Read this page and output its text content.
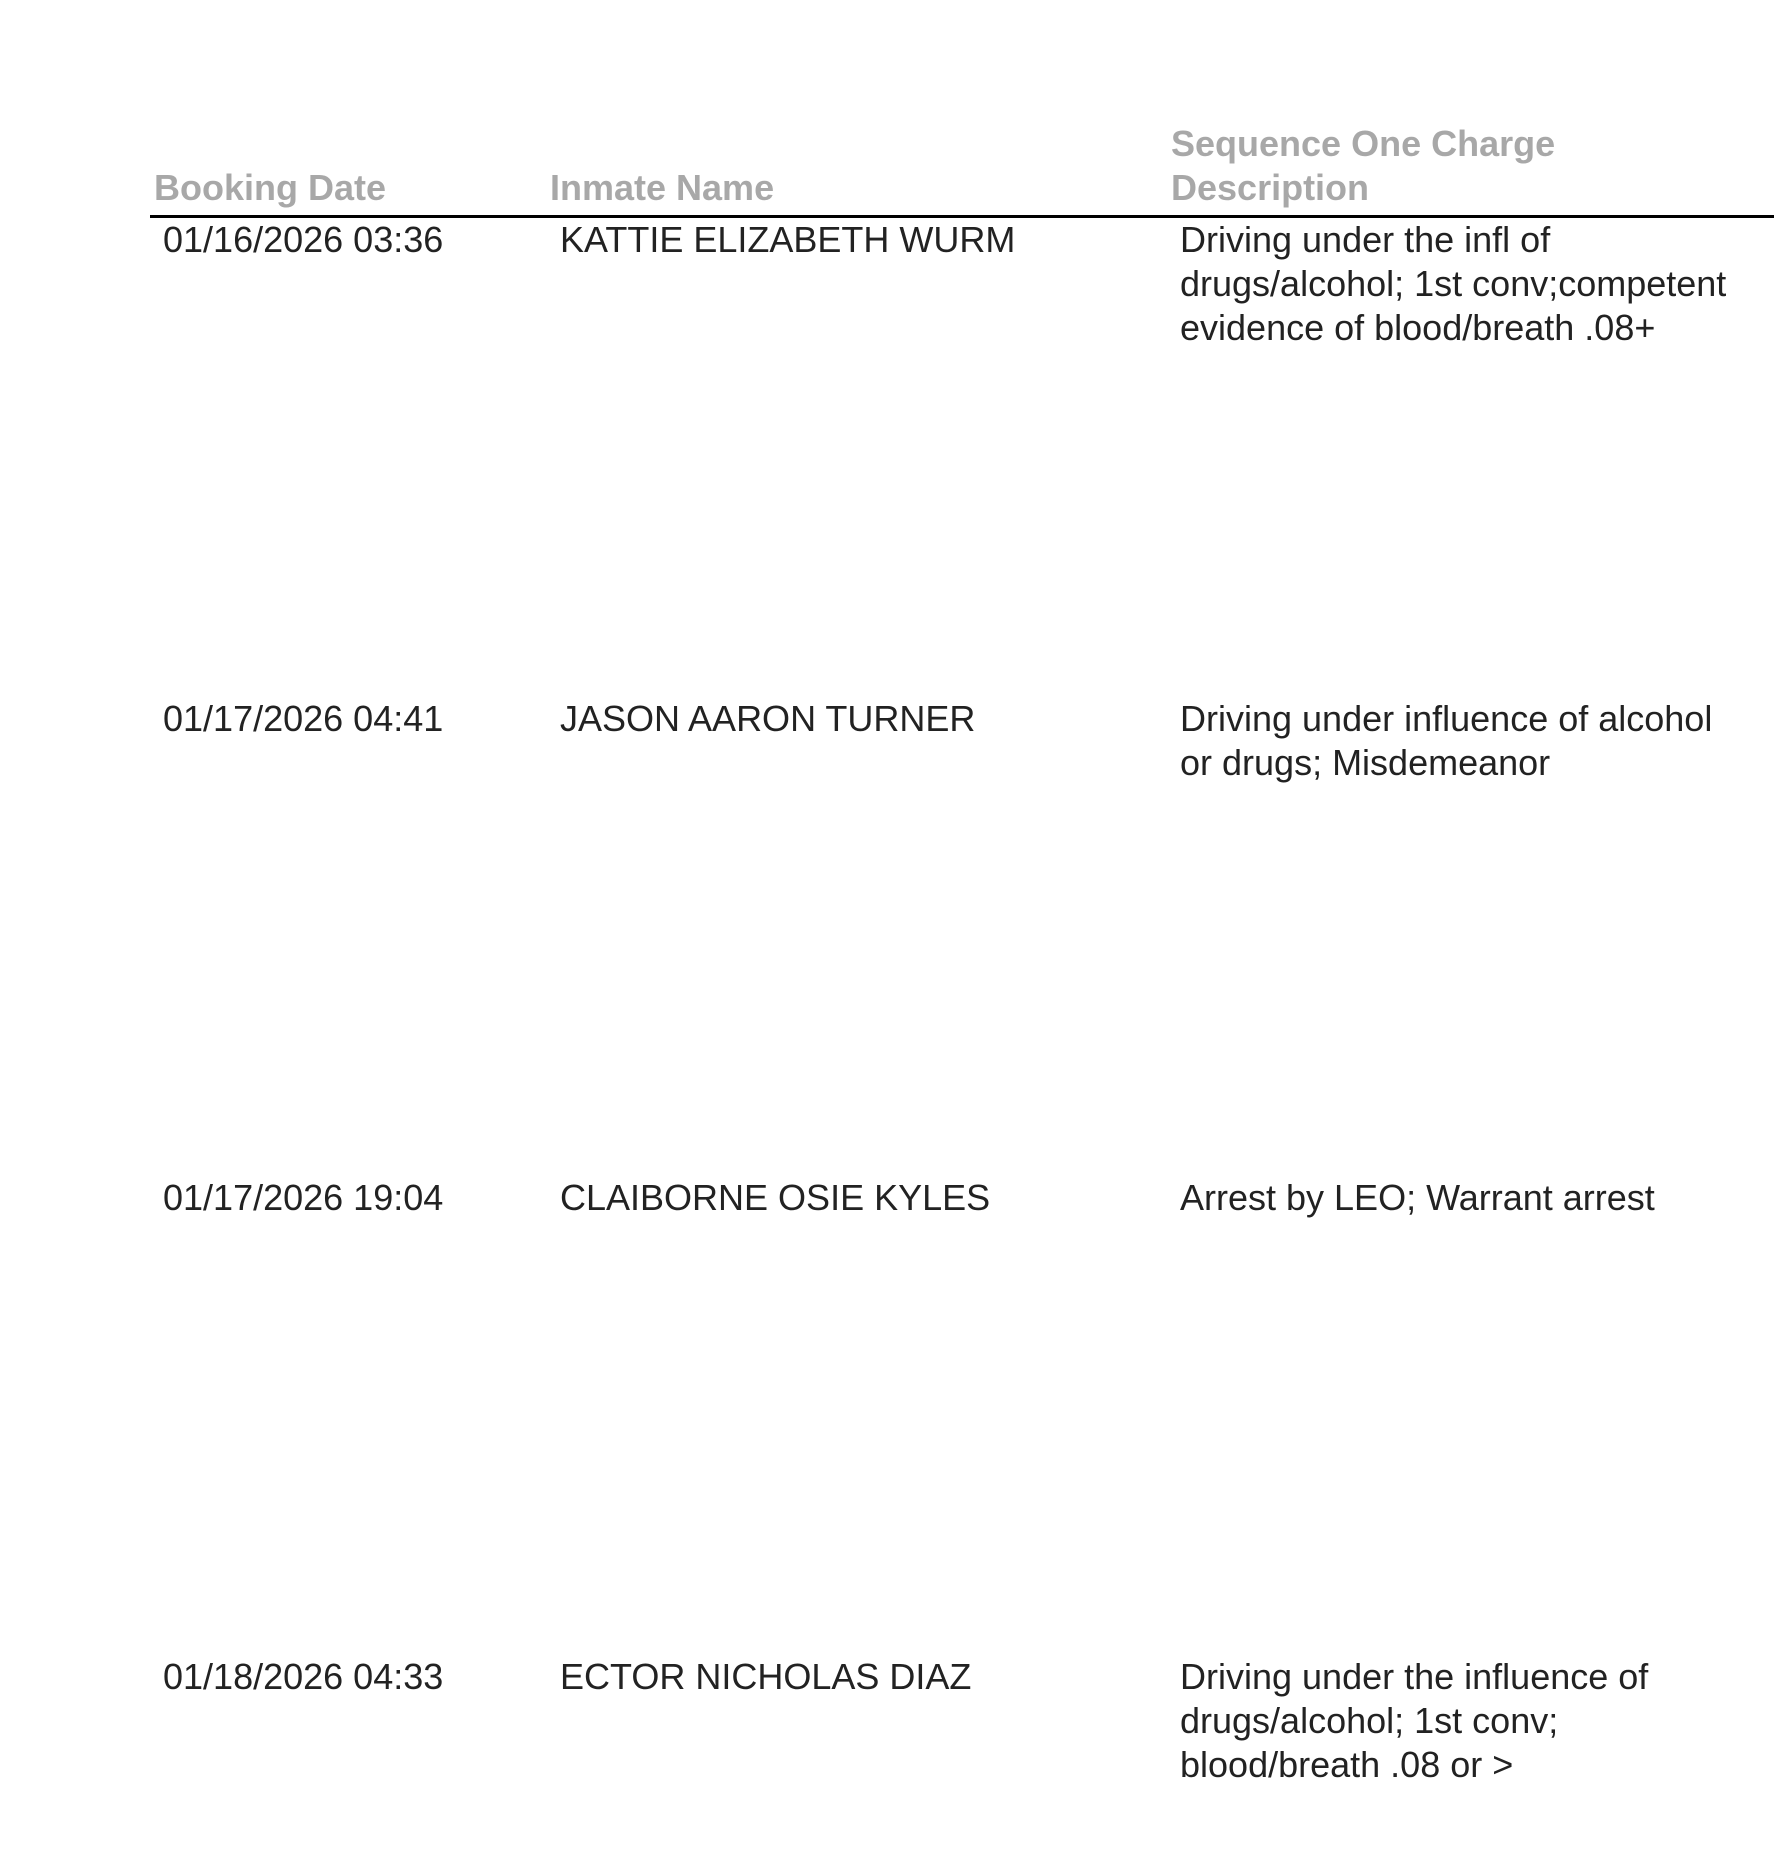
Booking Date	Inmate Name
Sequence One Charge
Description
01/16/2026 03:36	KATTIE ELIZABETH WURM	Driving under the infl of
drugs/alcohol; 1st conv;competent
evidence of blood/breath .08+
01/17/2026 04:41	JASON AARON TURNER	Driving under influence of alcohol
or drugs; Misdemeanor
01/17/2026 19:04	CLAIBORNE OSIE KYLES	Arrest by LEO; Warrant arrest
01/18/2026 04:33	ECTOR NICHOLAS DIAZ	Driving under the influence of
drugs/alcohol; 1st conv;
blood/breath .08 or >
